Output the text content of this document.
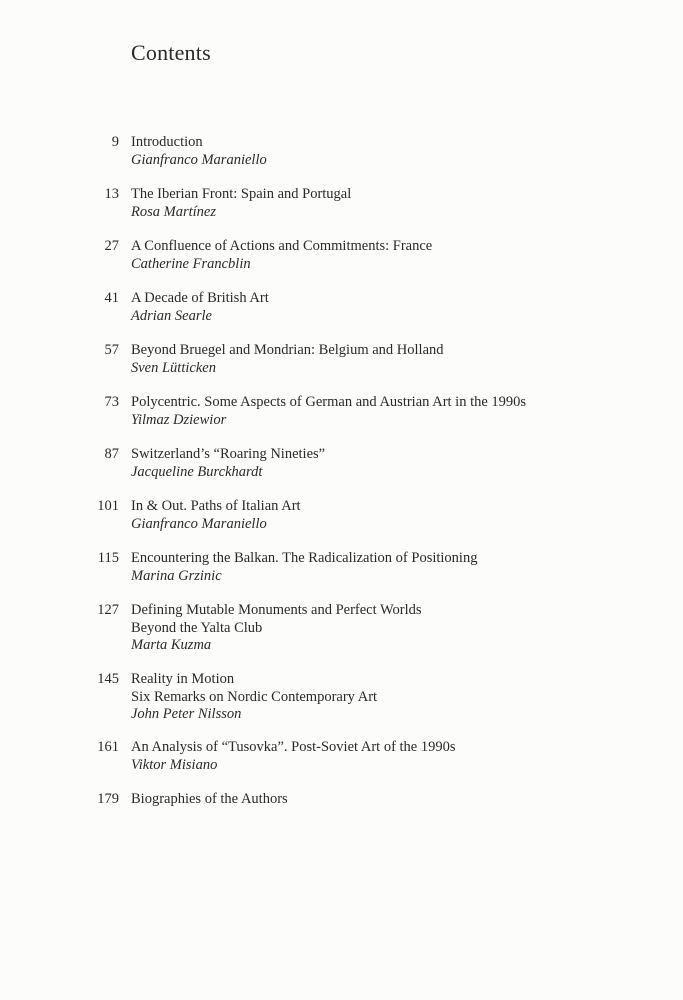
Contents
9 Introduction
Gianfranco Maraniello
13 The Iberian Front: Spain and Portugal
Rosa Martínez
27 A Confluence of Actions and Commitments: France
Catherine Francblin
41 A Decade of British Art
Adrian Searle
57 Beyond Bruegel and Mondrian: Belgium and Holland
Sven Lütticken
73 Polycentric. Some Aspects of German and Austrian Art in the 1990s
Yilmaz Dziewior
87 Switzerland’s “Roaring Nineties”
Jacqueline Burckhardt
101 In & Out. Paths of Italian Art
Gianfranco Maraniello
115 Encountering the Balkan. The Radicalization of Positioning
Marina Grzinic
127 Defining Mutable Monuments and Perfect Worlds
Beyond the Yalta Club
Marta Kuzma
145 Reality in Motion
Six Remarks on Nordic Contemporary Art
John Peter Nilsson
161 An Analysis of “Tusovka”. Post-Soviet Art of the 1990s
Viktor Misiano
179 Biographies of the Authors
